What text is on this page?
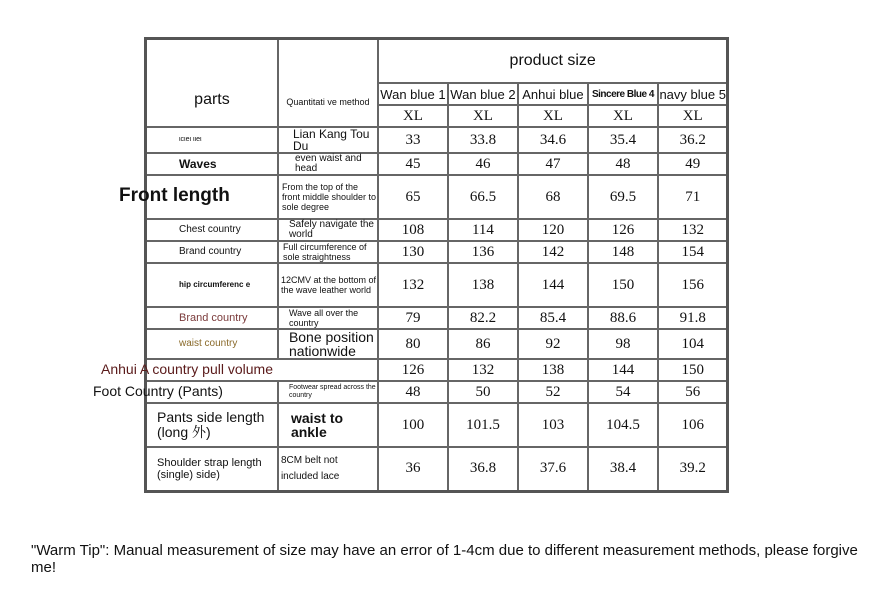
parts	Quantitati ve method	product size				
		Wan blue 1	Wan blue 2	Anhui blue	Sincere Blue 4	navy blue 5
		XL	XL	XL	XL	XL
ιcιeι ιιeι	Lian Kang Tou Du	33	33.8	34.6	35.4	36.2
Waves	even waist and head	45	46	47	48	49
Front length	From the top of the front middle shoulder to sole degree	65	66.5	68	69.5	71
Chest country	Safely navigate the world	108	114	120	126	132
Brand country	Full circumference of sole straightness	130	136	142	148	154
hip circumferenc e	12CMV at the bottom of the wave leather world	132	138	144	150	156
Brand country	Wave all over the country	79	82.2	85.4	88.6	91.8
waist country	Bone position nationwide	80	86	92	98	104
Anhui A country pull volume		126	132	138	144	150
Foot Country (Pants)	Footwear spread across the country	48	50	52	54	56
Pants side length (long 外)	waist to ankle	100	101.5	103	104.5	106
Shoulder strap length (single) side)	8CM belt not included lace	36	36.8	37.6	38.4	39.2
"Warm Tip": Manual measurement of size may have an error of 1-4cm due to different measurement methods, please forgive me!
